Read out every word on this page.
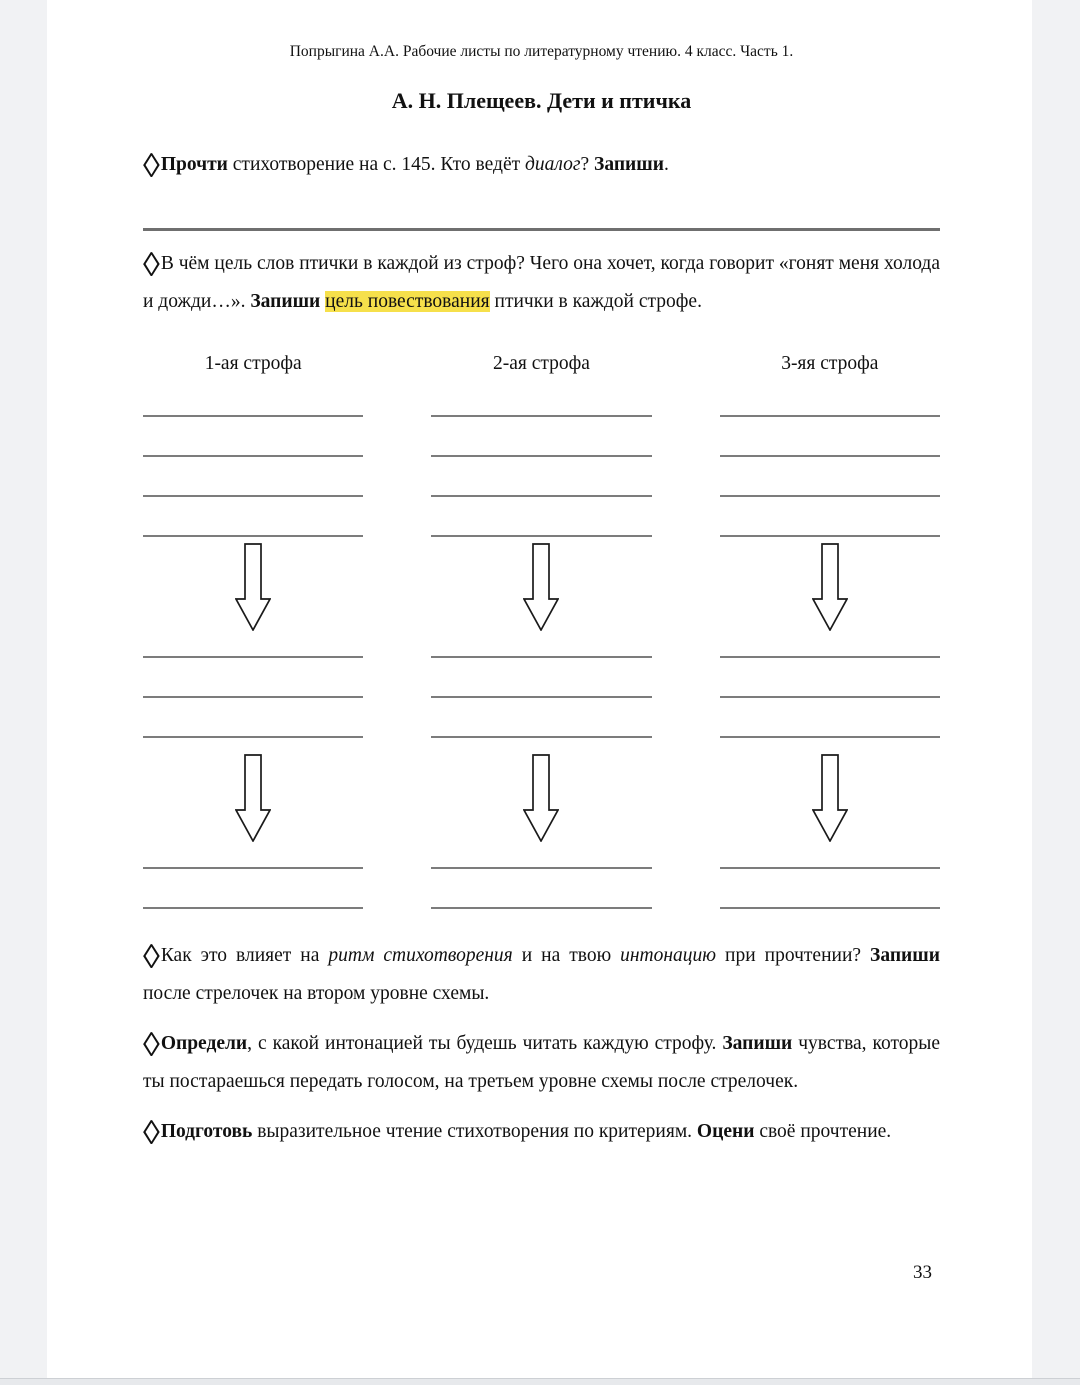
Попрыгина А.А. Рабочие листы по литературному чтению. 4 класс. Часть 1.
А. Н. Плещеев. Дети и птичка

◊Прочти стихотворение на с. 145. Кто ведёт диалог? Запиши.

◊В чём цель слов птички в каждой из строф? Чего она хочет, когда говорит «гонят меня холода и дожди…». Запиши цель повествования птички в каждой строфе.

1-ая строфа	2-ая строфа	3-яя строфа

◊Как это влияет на ритм стихотворения и на твою интонацию при прочтении? Запиши после стрелочек на втором уровне схемы.

◊Определи, с какой интонацией ты будешь читать каждую строфу. Запиши чувства, которые ты постараешься передать голосом, на третьем уровне схемы после стрелочек.

◊Подготовь выразительное чтение стихотворения по критериям. Оцени своё прочтение.

33
